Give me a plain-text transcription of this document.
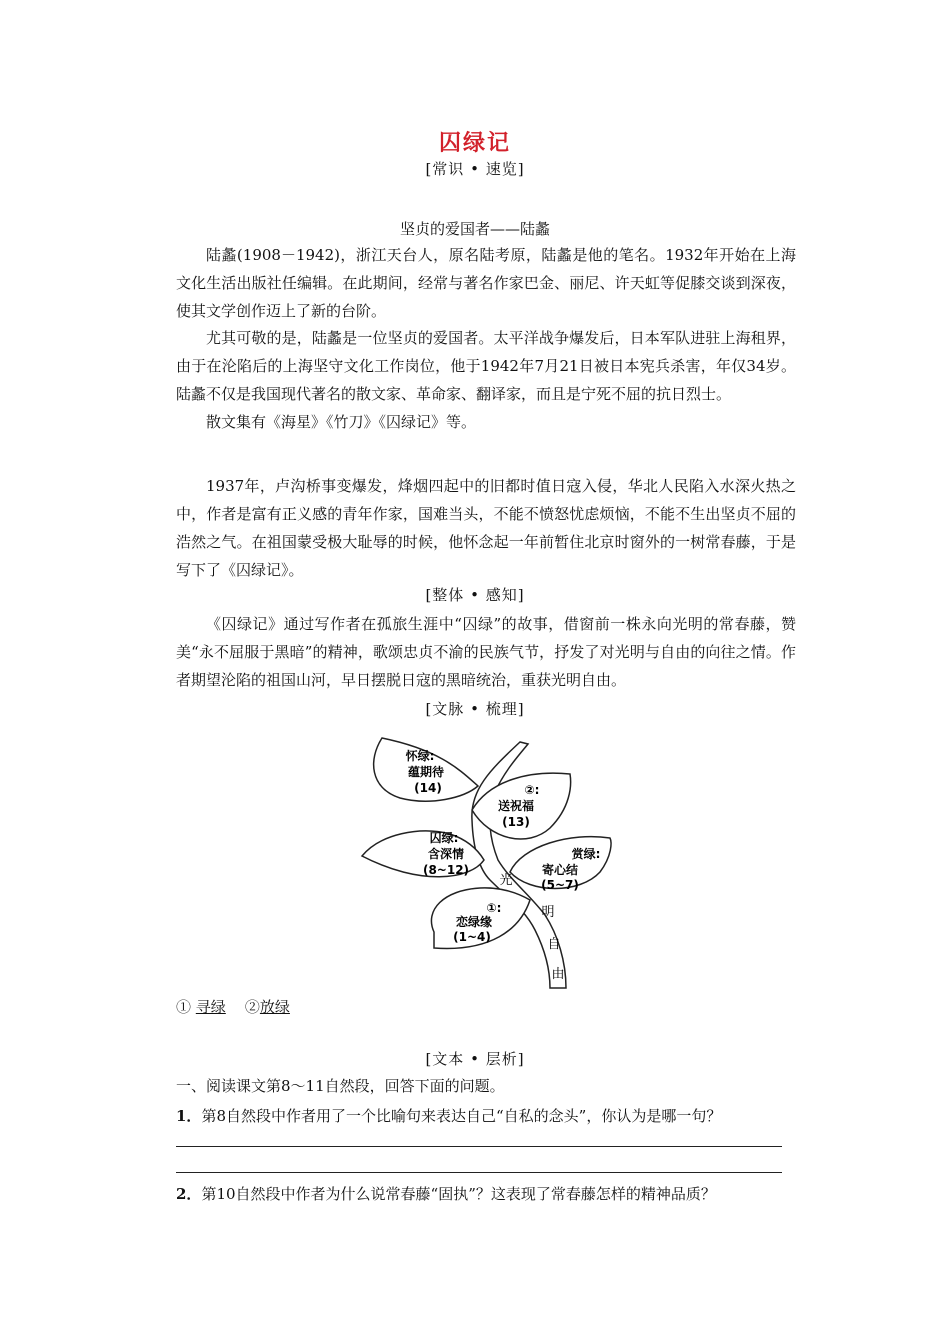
囚绿记
[常识 • 速览]
坚贞的爱国者——陆蠡

陆蠡(1908－1942)，浙江天台人，原名陆考原，陆蠡是他的笔名。1932年开始在上海文化生活出版社任编辑。在此期间，经常与著名作家巴金、丽尼、许天虹等促膝交谈到深夜，使其文学创作迈上了新的台阶。

尤其可敬的是，陆蠡是一位坚贞的爱国者。太平洋战争爆发后，日本军队进驻上海租界，由于在沦陷后的上海坚守文化工作岗位，他于1942年7月21日被日本宪兵杀害，年仅34岁。陆蠡不仅是我国现代著名的散文家、革命家、翻译家，而且是宁死不屈的抗日烈士。

散文集有《海星》《竹刀》《囚绿记》等。

1937年，卢沟桥事变爆发，烽烟四起中的旧都时值日寇入侵，华北人民陷入水深火热之中，作者是富有正义感的青年作家，国难当头，不能不愤怒忧虑烦恼，不能不生出坚贞不屈的浩然之气。在祖国蒙受极大耻辱的时候，他怀念起一年前暂住北京时窗外的一树常春藤，于是写下了《囚绿记》。

[整体 • 感知]

《囚绿记》通过写作者在孤旅生涯中“囚绿”的故事，借窗前一株永向光明的常春藤，赞美“永不屈服于黑暗”的精神，歌颂忠贞不渝的民族气节，抒发了对光明与自由的向往之情。作者期望沦陷的祖国山河，早日摆脱日寇的黑暗统治，重获光明自由。

[文脉 • 梳理]
怀绿:
蕴期待
(14)	②:
送祝福
(13)
囚绿:
含深情
(8~12)
赏绿:
寄心结
(5~7)
①:
恋绿缘
(1~4)
光
明
自
由
① 寻绿 ②放绿
[文本 • 层析]
一、阅读课文第8～11自然段，回答下面的问题。
1．第8自然段中作者用了一个比喻句来表达自己“自私的念头”，你认为是哪一句？
2．第10自然段中作者为什么说常春藤“固执”？这表现了常春藤怎样的精神品质？
